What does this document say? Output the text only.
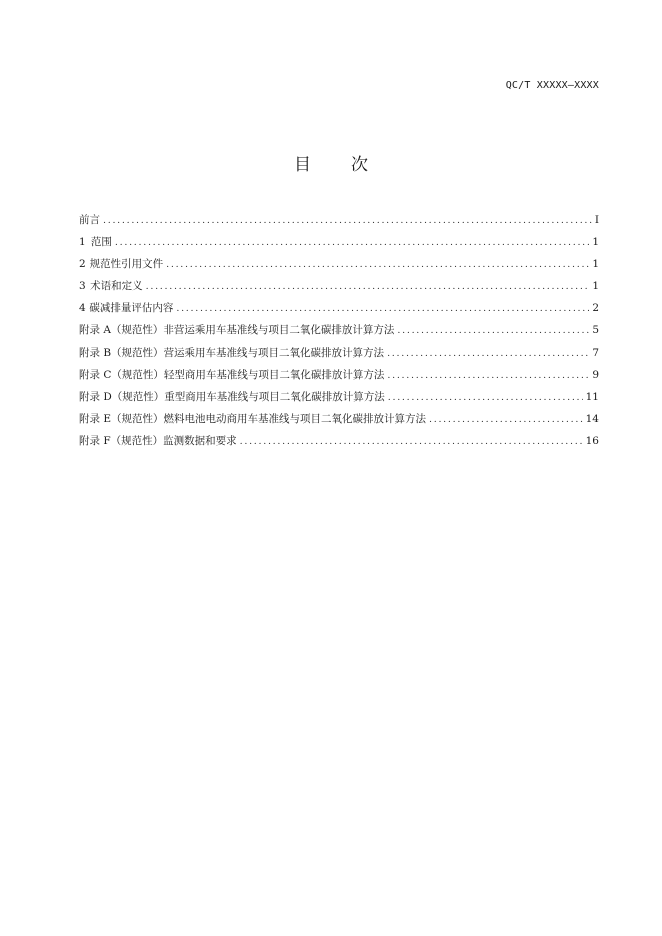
QC/T XXXXX—XXXX
目 次
前言 .....	I
1 范围 .....	1
2 规范性引用文件 .....	1
3 术语和定义 .....	1
4 碳减排量评估内容 .....	2
附录 A（规范性） 非营运乘用车基准线与项目二氧化碳排放计算方法 .....	5
附录 B（规范性） 营运乘用车基准线与项目二氧化碳排放计算方法 .....	7
附录 C（规范性） 轻型商用车基准线与项目二氧化碳排放计算方法 .....	9
附录 D（规范性） 重型商用车基准线与项目二氧化碳排放计算方法 .....	11
附录 E（规范性） 燃料电池电动商用车基准线与项目二氧化碳排放计算方法 .....	14
附录 F（规范性） 监测数据和要求 .....	16
